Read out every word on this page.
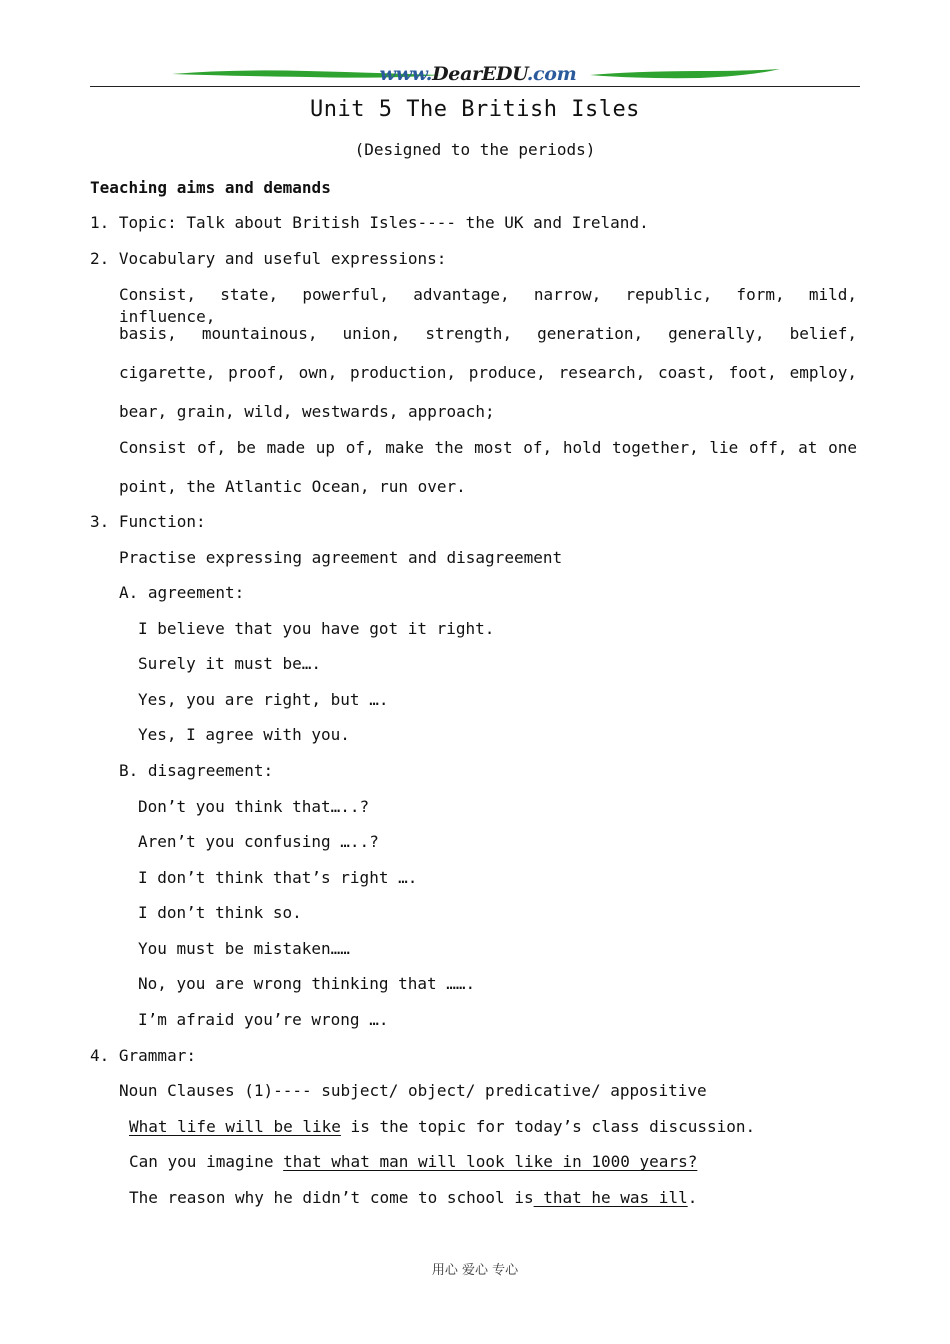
www.DearEDU.com
Unit 5 The British Isles
(Designed to the periods)
Teaching aims and demands
1. Topic: Talk about British Isles---- the UK and Ireland.
2. Vocabulary and useful expressions:
Consist, state, powerful, advantage, narrow, republic, form, mild, influence,
basis, mountainous, union, strength, generation, generally, belief,
cigarette, proof, own, production, produce, research, coast, foot, employ,
bear, grain, wild, westwards, approach;
Consist of, be made up of, make the most of, hold together, lie off, at one
point, the Atlantic Ocean, run over.
3. Function:
Practise expressing agreement and disagreement
A. agreement:
I believe that you have got it right.
Surely it must be….
Yes, you are right, but ….
Yes, I agree with you.
B. disagreement:
Don’t you think that…..?
Aren’t you confusing …..?
I don’t think that’s right ….
I don’t think so.
You must be mistaken……
No, you are wrong thinking that …….
I’m afraid you’re wrong ….
4. Grammar:
Noun Clauses (1)---- subject/ object/ predicative/ appositive
What life will be like is the topic for today’s class discussion.
Can you imagine that what man will look like in 1000 years?
The reason why he didn’t come to school is that he was ill.
用心 爱心 专心
